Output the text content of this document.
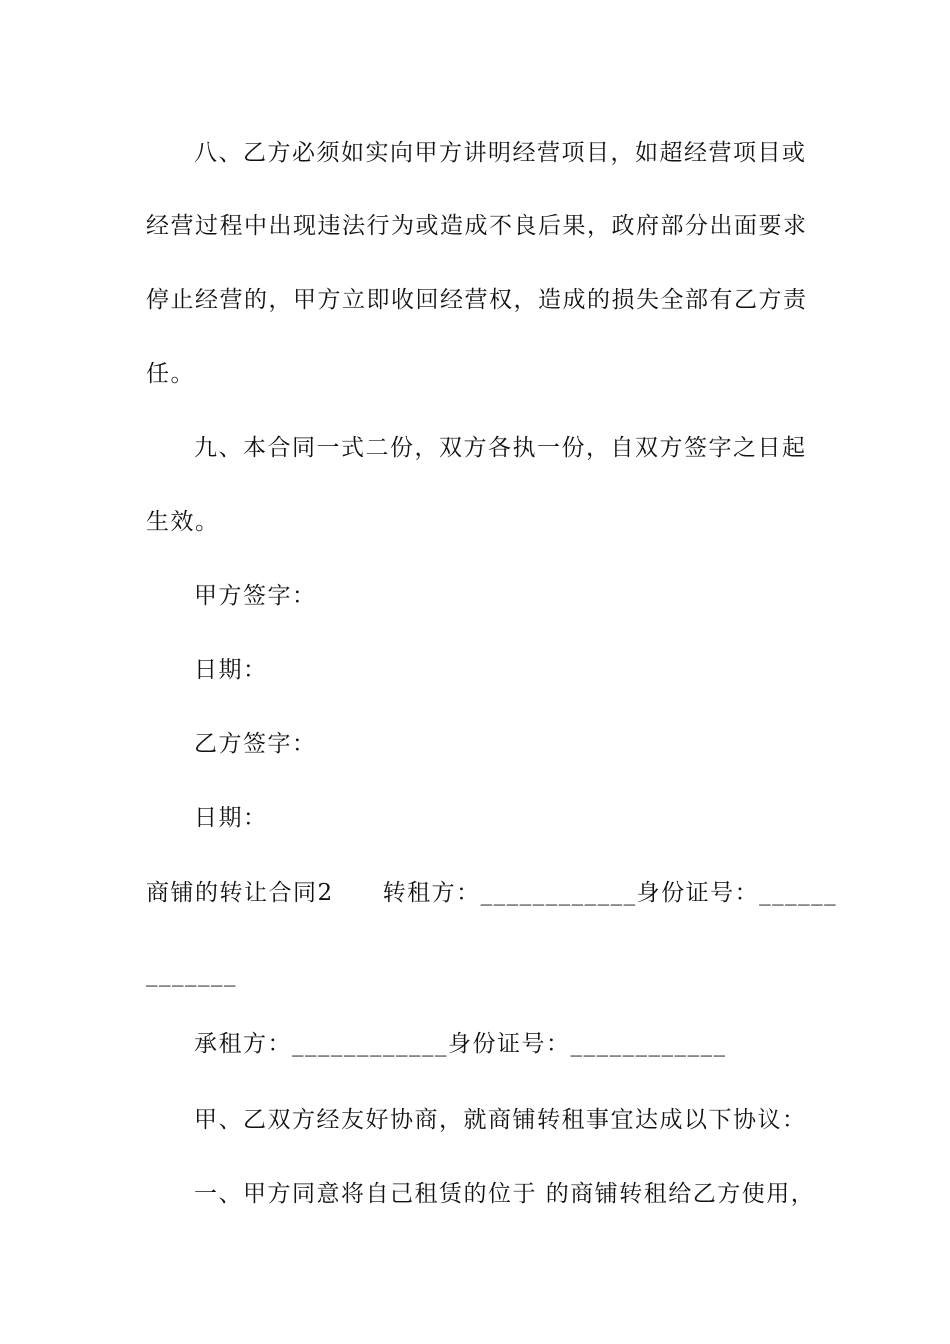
八、乙方必须如实向甲方讲明经营项目，如超经营项目或
经营过程中出现违法行为或造成不良后果，政府部分出面要求
停止经营的，甲方立即收回经营权，造成的损失全部有乙方责
任。
九、本合同一式二份，双方各执一份，自双方签字之日起
生效。
甲方签字：
日期：
乙方签字：
日期：
商铺的转让合同2　　转租方：____________身份证号：______
_______
承租方：____________身份证号：____________
甲、乙双方经友好协商，就商铺转租事宜达成以下协议：
一、甲方同意将自己租赁的位于 的商铺转租给乙方使用，
